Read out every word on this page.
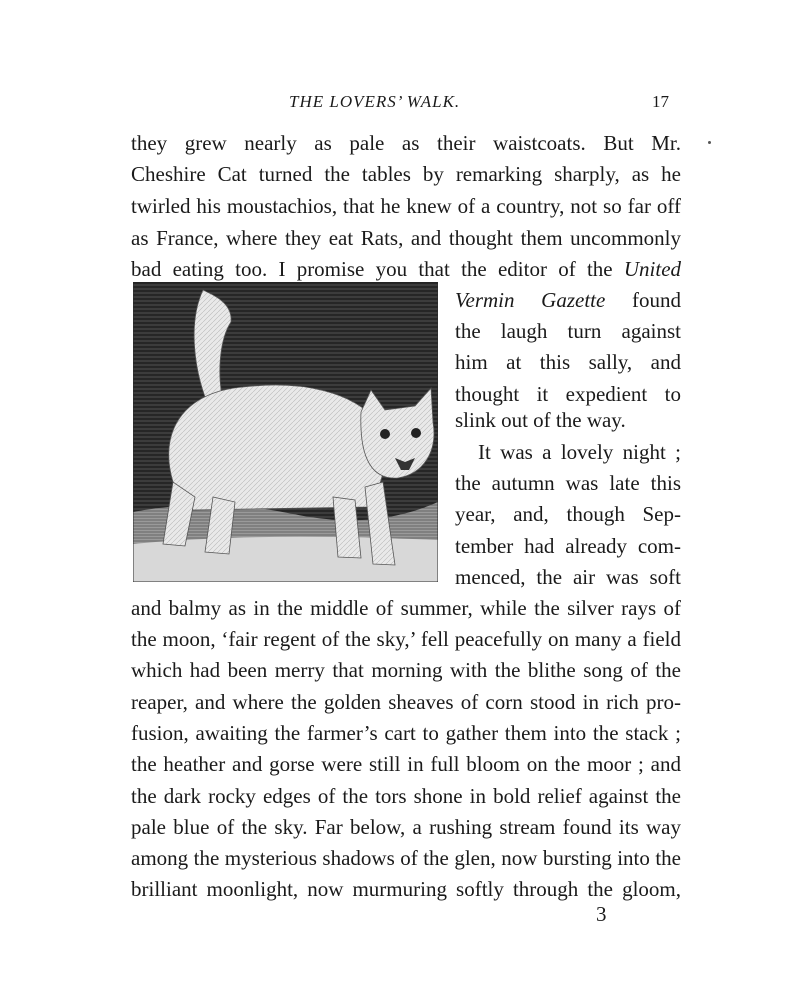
THE LOVERS’ WALK.	17
they grew nearly as pale as their waistcoats. But Mr.
Cheshire Cat turned the tables by remarking sharply, as he
twirled his moustachios, that he knew of a country, not so far off
as France, where they eat Rats, and thought them uncommonly
bad eating too. I promise you that the editor of the United
Vermin Gazette found
the laugh turn against
him at this sally, and
thought it expedient to
slink out of the way.
It was a lovely night ;
the autumn was late this
year, and, though Sep-
tember had already com-
menced, the air was soft
and balmy as in the middle of summer, while the silver rays of
the moon, ‘fair regent of the sky,’ fell peacefully on many a field
which had been merry that morning with the blithe song of the
reaper, and where the golden sheaves of corn stood in rich pro-
fusion, awaiting the farmer’s cart to gather them into the stack ;
the heather and gorse were still in full bloom on the moor ; and
the dark rocky edges of the tors shone in bold relief against the
pale blue of the sky. Far below, a rushing stream found its way
among the mysterious shadows of the glen, now bursting into the
brilliant moonlight, now murmuring softly through the gloom,
3
